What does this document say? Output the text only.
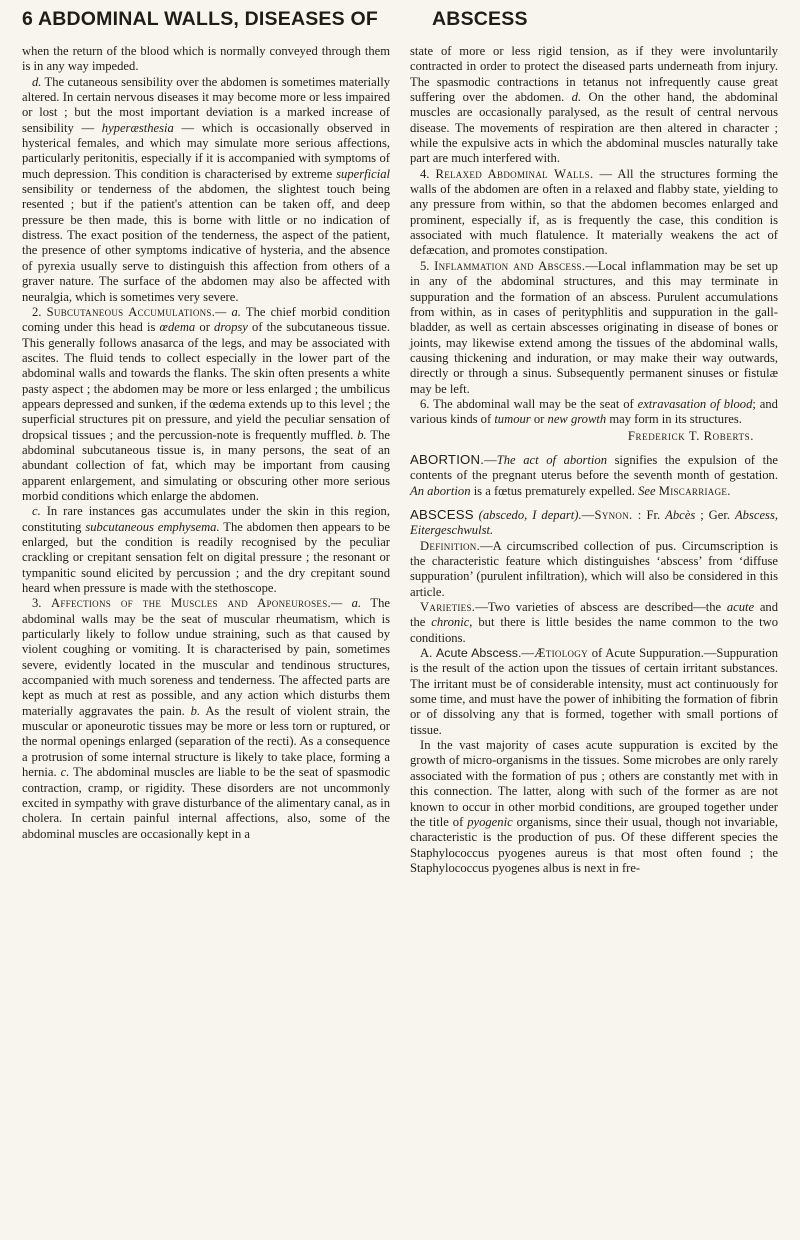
6 ABDOMINAL WALLS, DISEASES OF	ABSCESS

when the return of the blood which is normally conveyed through them is in any way impeded.

d. The cutaneous sensibility over the abdomen is sometimes materially altered. In certain nervous diseases it may become more or less impaired or lost ; but the most important deviation is a marked increase of sensibility — hyperæsthesia — which is occasionally observed in hysterical females, and which may simulate more serious affections, particularly peritonitis, especially if it is accompanied with symptoms of much depression. This condition is characterised by extreme superficial sensibility or tenderness of the abdomen, the slightest touch being resented ; but if the patient's attention can be taken off, and deep pressure be then made, this is borne with little or no indication of distress. The exact position of the tenderness, the aspect of the patient, the presence of other symptoms indicative of hysteria, and the absence of pyrexia usually serve to distinguish this affection from others of a graver nature. The surface of the abdomen may also be affected with neuralgia, which is sometimes very severe.

2. Subcutaneous Accumulations.— a. The chief morbid condition coming under this head is œdema or dropsy of the subcutaneous tissue. This generally follows anasarca of the legs, and may be associated with ascites. The fluid tends to collect especially in the lower part of the abdominal walls and towards the flanks. The skin often presents a white pasty aspect ; the abdomen may be more or less enlarged ; the umbilicus appears depressed and sunken, if the œdema extends up to this level ; the superficial structures pit on pressure, and yield the peculiar sensation of dropsical tissues ; and the percussion-note is frequently muffled. b. The abdominal subcutaneous tissue is, in many persons, the seat of an abundant collection of fat, which may be important from causing apparent enlargement, and simulating or obscuring other more serious morbid conditions which enlarge the abdomen.

c. In rare instances gas accumulates under the skin in this region, constituting subcutaneous emphysema. The abdomen then appears to be enlarged, but the condition is readily recognised by the peculiar crackling or crepitant sensation felt on digital pressure ; the resonant or tympanitic sound elicited by percussion ; and the dry crepitant sound heard when pressure is made with the stethoscope.

3. Affections of the Muscles and Aponeuroses.— a. The abdominal walls may be the seat of muscular rheumatism, which is particularly likely to follow undue straining, such as that caused by violent coughing or vomiting. It is characterised by pain, sometimes severe, evidently located in the muscular and tendinous structures, accompanied with much soreness and tenderness. The affected parts are kept as much at rest as possible, and any action which disturbs them materially aggravates the pain. b. As the result of violent strain, the muscular or aponeurotic tissues may be more or less torn or ruptured, or the normal openings enlarged (separation of the recti). As a consequence a protrusion of some internal structure is likely to take place, forming a hernia. c. The abdominal muscles are liable to be the seat of spasmodic contraction, cramp, or rigidity. These disorders are not uncommonly excited in sympathy with grave disturbance of the alimentary canal, as in cholera. In certain painful internal affections, also, some of the abdominal muscles are occasionally kept in a

state of more or less rigid tension, as if they were involuntarily contracted in order to protect the diseased parts underneath from injury. The spasmodic contractions in tetanus not infrequently cause great suffering over the abdomen. d. On the other hand, the abdominal muscles are occasionally paralysed, as the result of central nervous disease. The movements of respiration are then altered in character ; while the expulsive acts in which the abdominal muscles naturally take part are much interfered with.

4. Relaxed Abdominal Walls. — All the structures forming the walls of the abdomen are often in a relaxed and flabby state, yielding to any pressure from within, so that the abdomen becomes enlarged and prominent, especially if, as is frequently the case, this condition is associated with much flatulence. It materially weakens the act of defæcation, and promotes constipation.

5. Inflammation and Abscess.—Local inflammation may be set up in any of the abdominal structures, and this may terminate in suppuration and the formation of an abscess. Purulent accumulations from within, as in cases of perityphlitis and suppuration in the gall-bladder, as well as certain abscesses originating in disease of bones or joints, may likewise extend among the tissues of the abdominal walls, causing thickening and induration, or may make their way outwards, directly or through a sinus. Subsequently permanent sinuses or fistulæ may be left.

6. The abdominal wall may be the seat of extravasation of blood; and various kinds of tumour or new growth may form in its structures.

Frederick T. Roberts.

ABORTION.—The act of abortion signifies the expulsion of the contents of the pregnant uterus before the seventh month of gestation. An abortion is a fœtus prematurely expelled. See Miscarriage.

ABSCESS (abscedo, I depart).—Synon. : Fr. Abcès ; Ger. Abscess, Eitergeschwulst.

Definition.—A circumscribed collection of pus. Circumscription is the characteristic feature which distinguishes ‘abscess’ from ‘diffuse suppuration’ (purulent infiltration), which will also be considered in this article.

Varieties.—Two varieties of abscess are described—the acute and the chronic, but there is little besides the name common to the two conditions.

A. Acute Abscess.—Ætiology of Acute Suppuration.—Suppuration is the result of the action upon the tissues of certain irritant substances. The irritant must be of considerable intensity, must act continuously for some time, and must have the power of inhibiting the formation of fibrin or of dissolving any that is formed, together with small portions of tissue.

In the vast majority of cases acute suppuration is excited by the growth of micro-organisms in the tissues. Some microbes are only rarely associated with the formation of pus ; others are constantly met with in this connection. The latter, along with such of the former as are not known to occur in other morbid conditions, are grouped together under the title of pyogenic organisms, since their usual, though not invariable, characteristic is the production of pus. Of these different species the Staphylococcus pyogenes aureus is that most often found ; the Staphylococcus pyogenes albus is next in fre-
